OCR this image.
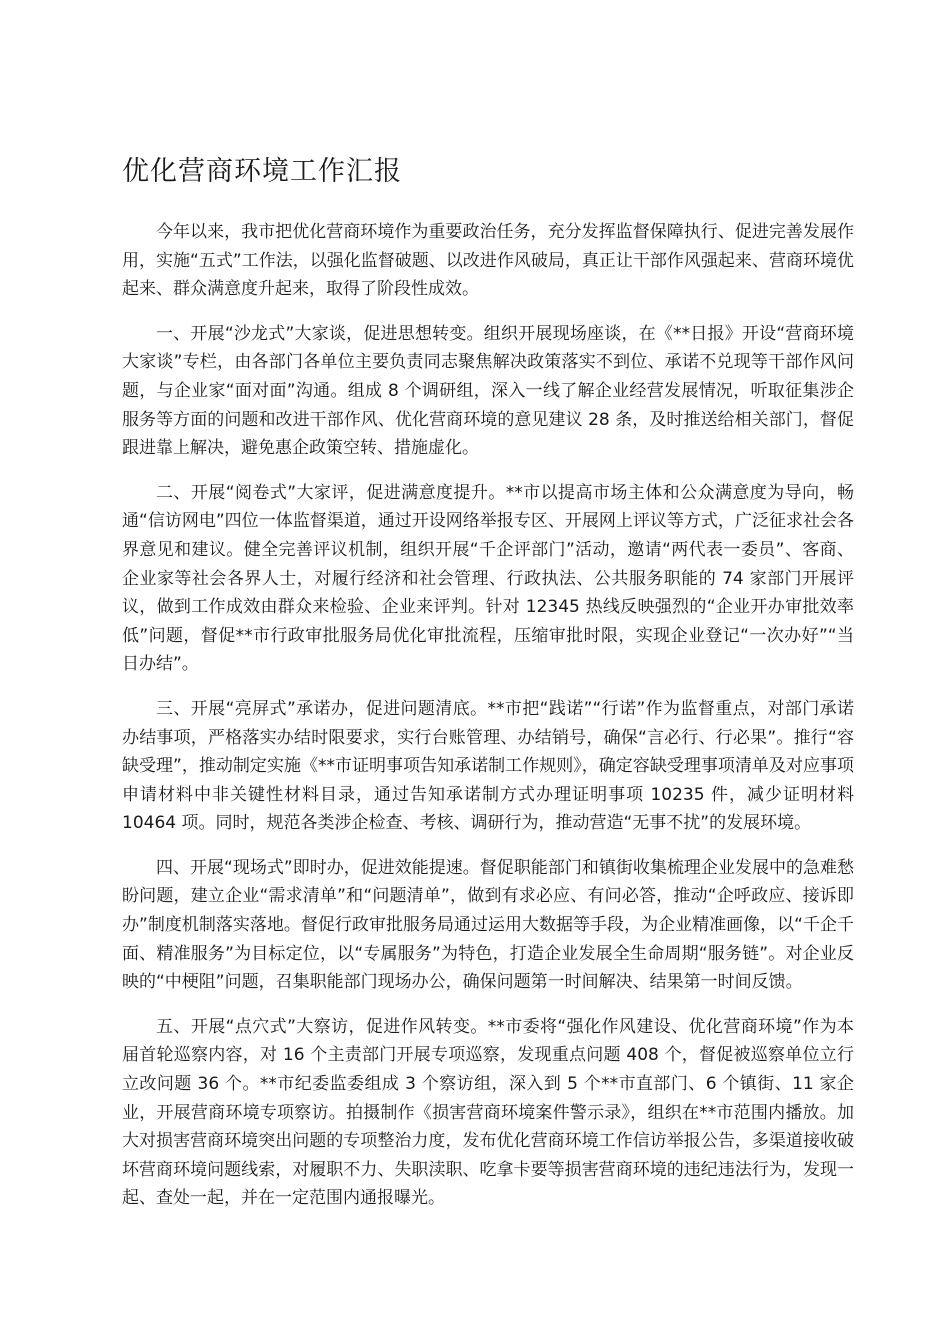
优化营商环境工作汇报

今年以来，我市把优化营商环境作为重要政治任务，充分发挥监督保障执行、促进完善发展作用，实施“五式”工作法，以强化监督破题、以改进作风破局，真正让干部作风强起来、营商环境优起来、群众满意度升起来，取得了阶段性成效。

一、开展“沙龙式”大家谈，促进思想转变。组织开展现场座谈，在《**日报》开设“营商环境大家谈”专栏，由各部门各单位主要负责同志聚焦解决政策落实不到位、承诺不兑现等干部作风问题，与企业家“面对面”沟通。组成 8 个调研组，深入一线了解企业经营发展情况，听取征集涉企服务等方面的问题和改进干部作风、优化营商环境的意见建议 28 条，及时推送给相关部门，督促跟进靠上解决，避免惠企政策空转、措施虚化。

二、开展“阅卷式”大家评，促进满意度提升。**市以提高市场主体和公众满意度为导向，畅通“信访网电”四位一体监督渠道，通过开设网络举报专区、开展网上评议等方式，广泛征求社会各界意见和建议。健全完善评议机制，组织开展“千企评部门”活动，邀请“两代表一委员”、客商、企业家等社会各界人士，对履行经济和社会管理、行政执法、公共服务职能的 74 家部门开展评议，做到工作成效由群众来检验、企业来评判。针对 12345 热线反映强烈的“企业开办审批效率低”问题，督促**市行政审批服务局优化审批流程，压缩审批时限，实现企业登记“一次办好”“当日办结”。

三、开展“亮屏式”承诺办，促进问题清底。**市把“践诺”“行诺”作为监督重点，对部门承诺办结事项，严格落实办结时限要求，实行台账管理、办结销号，确保“言必行、行必果”。推行“容缺受理”，推动制定实施《**市证明事项告知承诺制工作规则》，确定容缺受理事项清单及对应事项申请材料中非关键性材料目录，通过告知承诺制方式办理证明事项 10235 件，减少证明材料 10464 项。同时，规范各类涉企检查、考核、调研行为，推动营造“无事不扰”的发展环境。

四、开展“现场式”即时办，促进效能提速。督促职能部门和镇街收集梳理企业发展中的急难愁盼问题，建立企业“需求清单”和“问题清单”，做到有求必应、有问必答，推动“企呼政应、接诉即办”制度机制落实落地。督促行政审批服务局通过运用大数据等手段，为企业精准画像，以“千企千面、精准服务”为目标定位，以“专属服务”为特色，打造企业发展全生命周期“服务链”。对企业反映的“中梗阻”问题，召集职能部门现场办公，确保问题第一时间解决、结果第一时间反馈。

五、开展“点穴式”大察访，促进作风转变。**市委将“强化作风建设、优化营商环境”作为本届首轮巡察内容，对 16 个主责部门开展专项巡察，发现重点问题 408 个，督促被巡察单位立行立改问题 36 个。**市纪委监委组成 3 个察访组，深入到 5 个**市直部门、6 个镇街、11 家企业，开展营商环境专项察访。拍摄制作《损害营商环境案件警示录》，组织在**市范围内播放。加大对损害营商环境突出问题的专项整治力度，发布优化营商环境工作信访举报公告，多渠道接收破坏营商环境问题线索，对履职不力、失职渎职、吃拿卡要等损害营商环境的违纪违法行为，发现一起、查处一起，并在一定范围内通报曝光。
